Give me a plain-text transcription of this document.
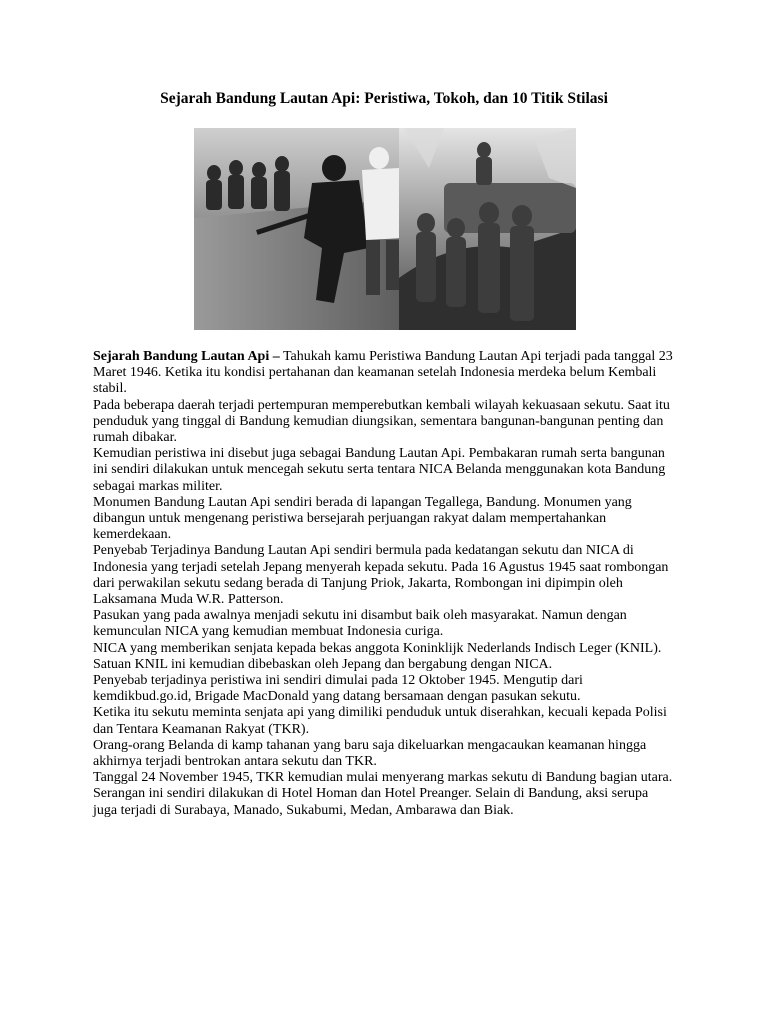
Sejarah Bandung Lautan Api: Peristiwa, Tokoh, dan 10 Titik Stilasi

Sejarah Bandung Lautan Api – Tahukah kamu Peristiwa Bandung Lautan Api terjadi pada tanggal 23 Maret 1946. Ketika itu kondisi pertahanan dan keamanan setelah Indonesia merdeka belum Kembali stabil.

Pada beberapa daerah terjadi pertempuran memperebutkan kembali wilayah kekuasaan sekutu. Saat itu penduduk yang tinggal di Bandung kemudian diungsikan, sementara bangunan-bangunan penting dan rumah dibakar.

Kemudian peristiwa ini disebut juga sebagai Bandung Lautan Api. Pembakaran rumah serta bangunan ini sendiri dilakukan untuk mencegah sekutu serta tentara NICA Belanda menggunakan kota Bandung sebagai markas militer.

Monumen Bandung Lautan Api sendiri berada di lapangan Tegallega, Bandung. Monumen yang dibangun untuk mengenang peristiwa bersejarah perjuangan rakyat dalam mempertahankan kemerdekaan.

Penyebab Terjadinya Bandung Lautan Api sendiri bermula pada kedatangan sekutu dan NICA di Indonesia yang terjadi setelah Jepang menyerah kepada sekutu. Pada 16 Agustus 1945 saat rombongan dari perwakilan sekutu sedang berada di Tanjung Priok, Jakarta, Rombongan ini dipimpin oleh Laksamana Muda W.R. Patterson.

Pasukan yang pada awalnya menjadi sekutu ini disambut baik oleh masyarakat. Namun dengan kemunculan NICA yang kemudian membuat Indonesia curiga.

NICA yang memberikan senjata kepada bekas anggota Koninklijk Nederlands Indisch Leger (KNIL). Satuan KNIL ini kemudian dibebaskan oleh Jepang dan bergabung dengan NICA.

Penyebab terjadinya peristiwa ini sendiri dimulai pada 12 Oktober 1945. Mengutip dari kemdikbud.go.id, Brigade MacDonald yang datang bersamaan dengan pasukan sekutu.

Ketika itu sekutu meminta senjata api yang dimiliki penduduk untuk diserahkan, kecuali kepada Polisi dan Tentara Keamanan Rakyat (TKR).

Orang-orang Belanda di kamp tahanan yang baru saja dikeluarkan mengacaukan keamanan hingga akhirnya terjadi bentrokan antara sekutu dan TKR.

Tanggal 24 November 1945, TKR kemudian mulai menyerang markas sekutu di Bandung bagian utara. Serangan ini sendiri dilakukan di Hotel Homan dan Hotel Preanger. Selain di Bandung, aksi serupa juga terjadi di Surabaya, Manado, Sukabumi, Medan, Ambarawa dan Biak.
